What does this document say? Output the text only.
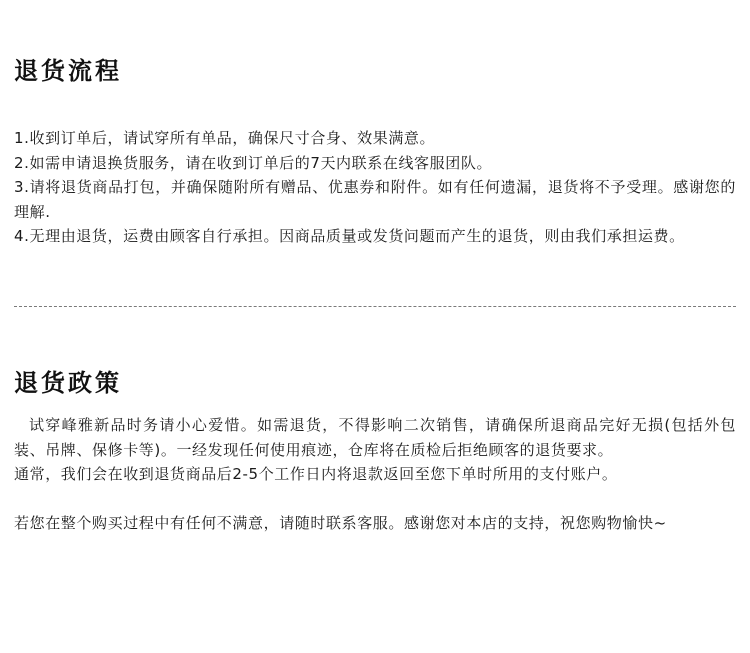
退货流程

1.收到订单后，请试穿所有单品，确保尺寸合身、效果满意。

2.如需申请退换货服务，请在收到订单后的7天内联系在线客服团队。

3.请将退货商品打包，并确保随附所有赠品、优惠券和附件。如有任何遗漏，退货将不予受理。感谢您的理解.

4.无理由退货，运费由顾客自行承担。因商品质量或发货问题而产生的退货，则由我们承担运费。

退货政策

试穿峰雅新品时务请小心爱惜。如需退货，不得影响二次销售，请确保所退商品完好无损(包括外包装、吊牌、保修卡等)。一经发现任何使用痕迹，仓库将在质检后拒绝顾客的退货要求。

通常，我们会在收到退货商品后2-5个工作日内将退款返回至您下单时所用的支付账户。

若您在整个购买过程中有任何不满意，请随时联系客服。感谢您对本店的支持，祝您购物愉快~
